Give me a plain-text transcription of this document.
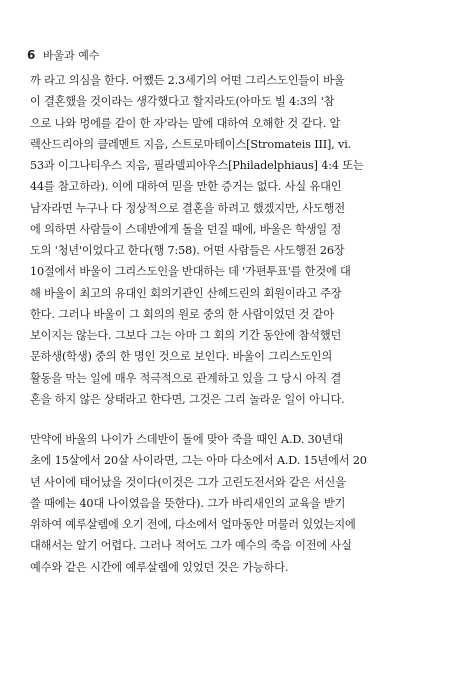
6 바울과 예수
까 라고 의심을 한다. 어쨌든 2.3세기의 어떤 그리스도인들이 바울
이 결혼했을 것이라는 생각했다고 할지라도(아마도 빌 4:3의 '참
으로 나와 멍에를 같이 한 자'라는 말에 대하여 오해한 것 같다. 알
렉산드리아의 클레멘트 지음, 스트로마테이스[Stromateis III], vi.
53과 이그나티우스 지음, 필라델피아우스[Philadelphiaus] 4:4 또는
44를 참고하라). 이에 대하여 믿을 만한 증거는 없다. 사실 유대인
남자라면 누구나 다 정상적으로 결혼을 하려고 했겠지만, 사도행전
에 의하면 사람들이 스데반에게 돌을 던질 때에, 바울은 학생일 정
도의 '청년'이었다고 한다(행 7:58). 어떤 사람들은 사도행전 26장
10절에서 바울이 그리스도인을 반대하는 데 '가편투표'를 한것에 대
해 바울이 최고의 유대인 회의기관인 산헤드린의 회원이라고 주장
한다. 그러나 바울이 그 회의의 원로 중의 한 사람이었던 것 같아
보이지는 않는다. 그보다 그는 아마 그 회의 기간 동안에 참석했던
문하생(학생) 중의 한 명인 것으로 보인다. 바울이 그리스도인의
활동을 막는 일에 매우 적극적으로 관계하고 있을 그 당시 아직 결
혼을 하지 않은 상태라고 한다면, 그것은 그리 놀라운 일이 아니다.
만약에 바울의 나이가 스데반이 돌에 맞아 죽을 때인 A.D. 30년대
초에 15살에서 20살 사이라면, 그는 아마 다소에서 A.D. 15년에서 20
년 사이에 태어났을 것이다(이것은 그가 고린도전서와 같은 서신을
쓸 때에는 40대 나이였음을 뜻한다). 그가 바리새인의 교육을 받기
위하여 예루살렘에 오기 전에, 다소에서 얼마동안 머물러 있었는지에
대해서는 알기 어렵다. 그러나 적어도 그가 예수의 죽음 이전에 사실
예수와 같은 시간에 예루살렘에 있었던 것은 가능하다.
